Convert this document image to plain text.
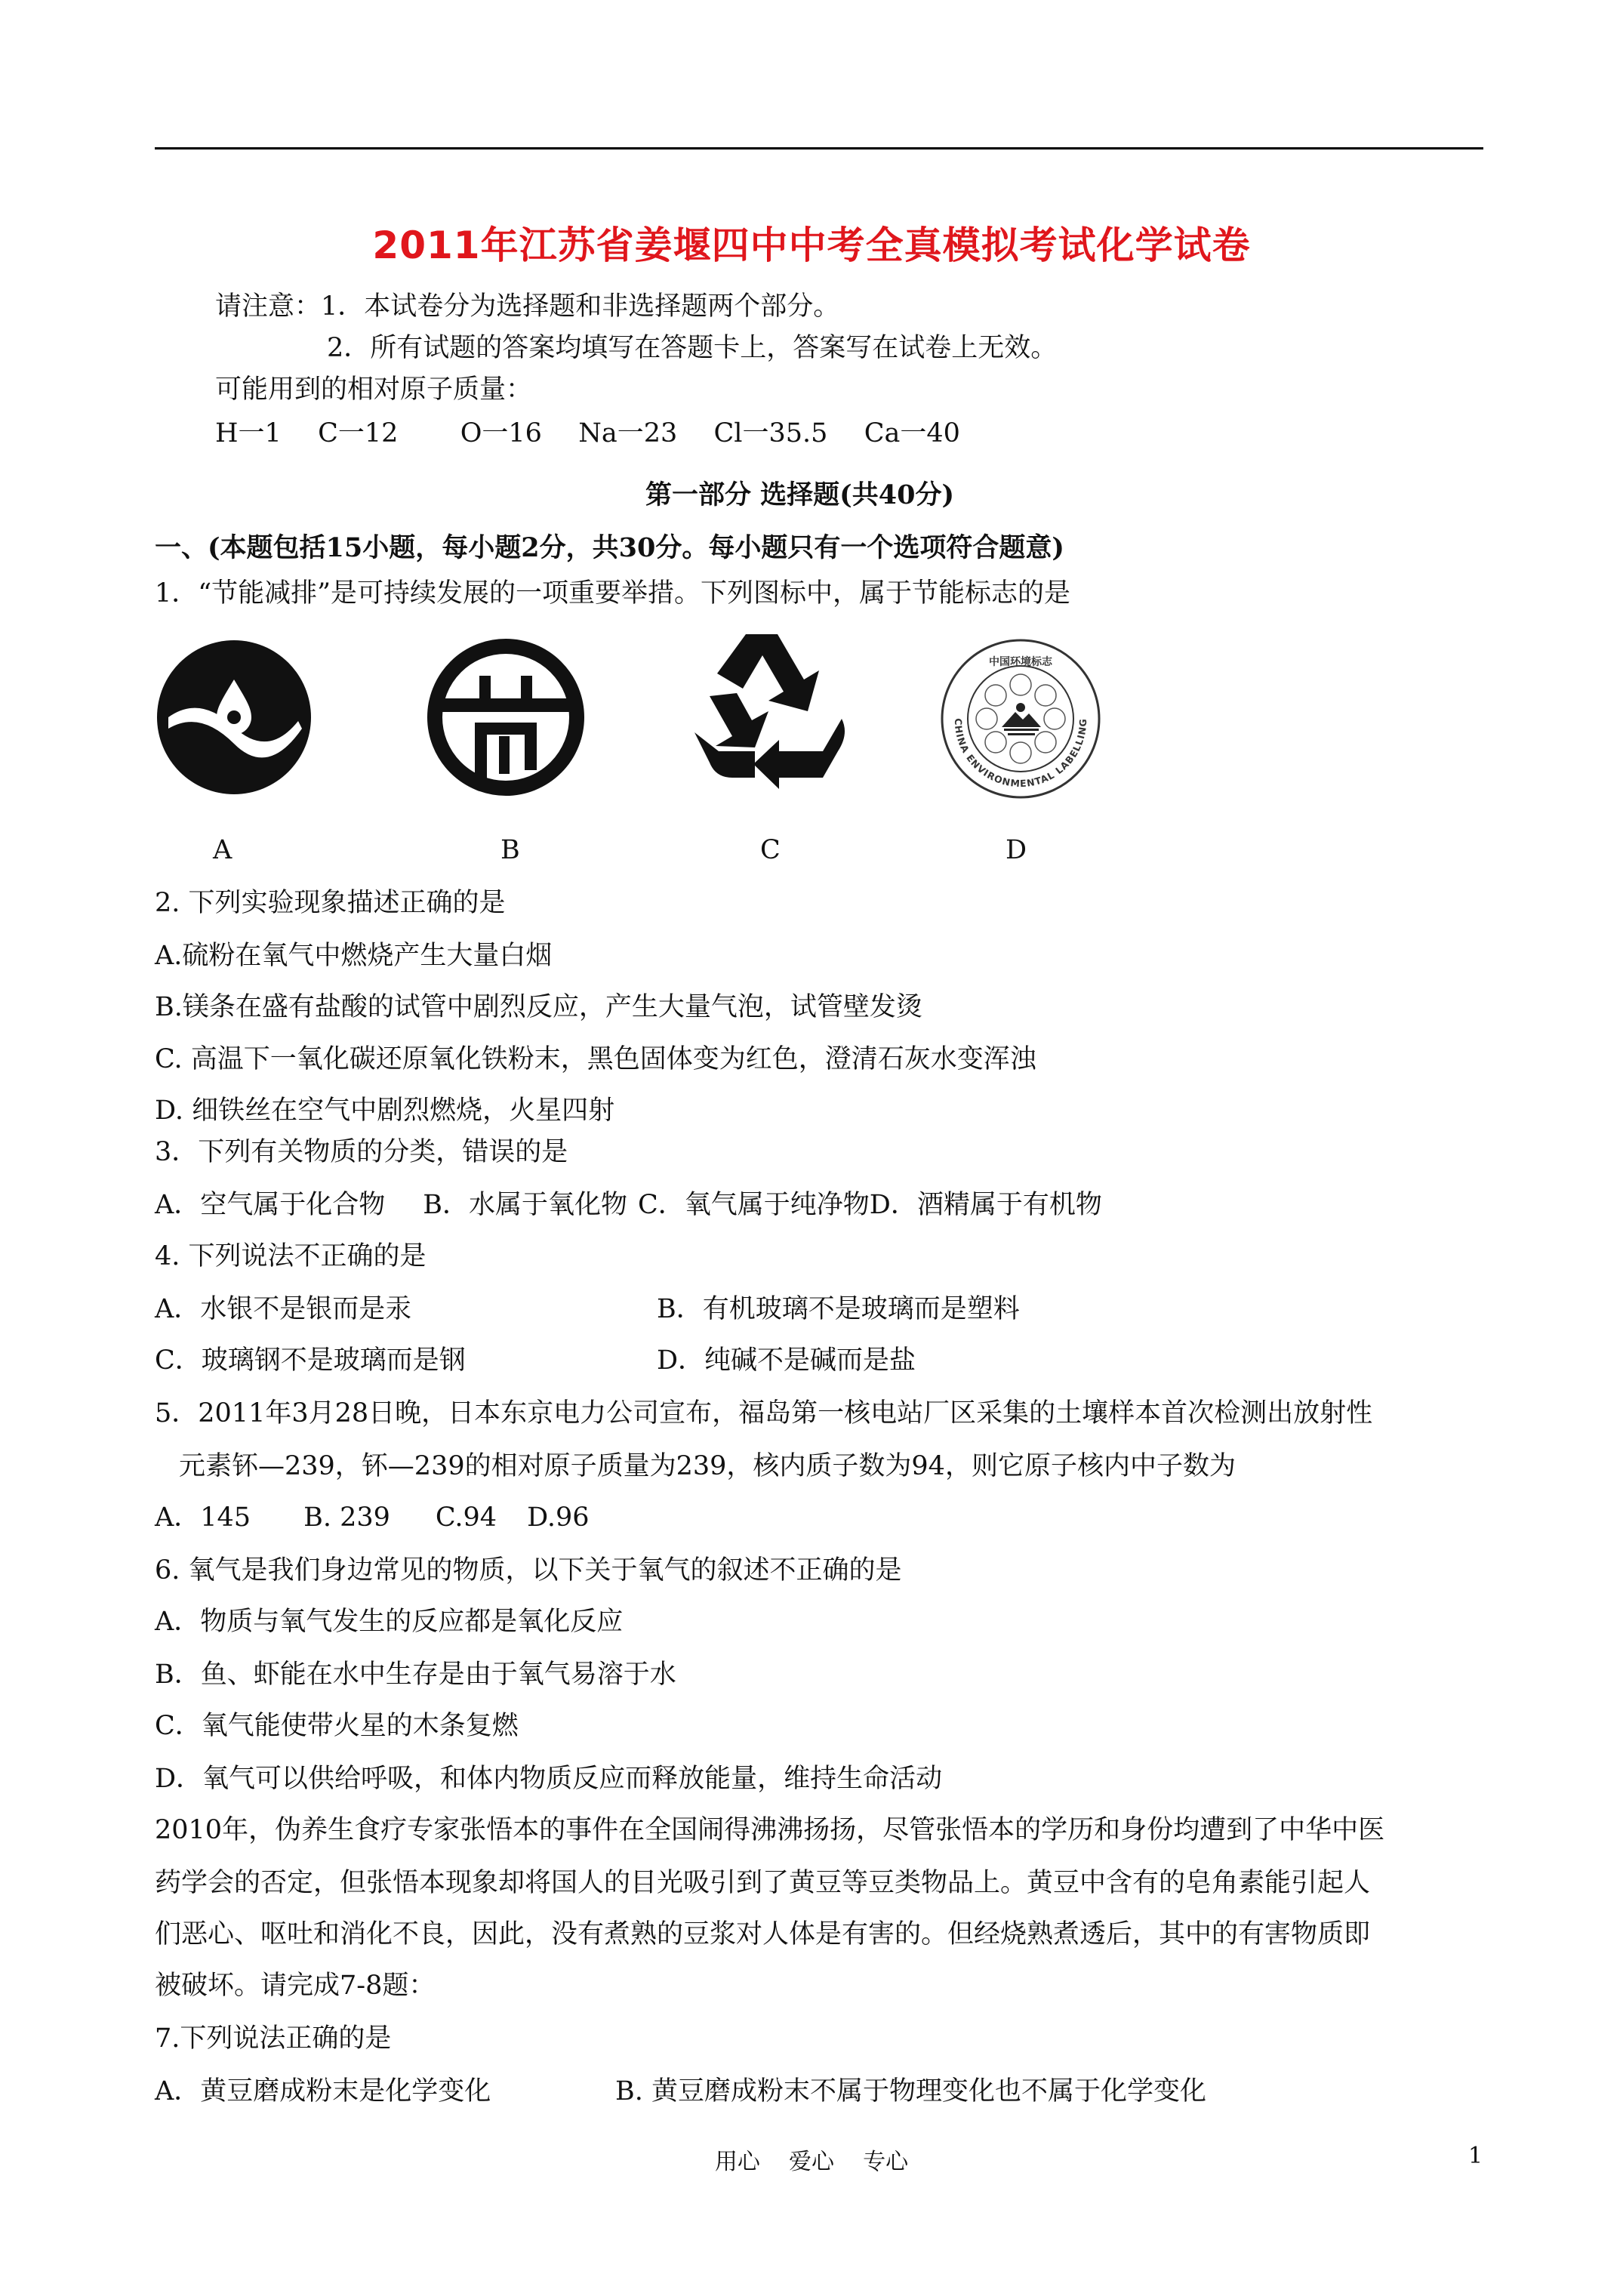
2011年江苏省姜堰四中中考全真模拟考试化学试卷
请注意：1．本试卷分为选择题和非选择题两个部分。
2．所有试题的答案均填写在答题卡上，答案写在试卷上无效。
可能用到的相对原子质量：
H一1 C一12 O一16 Na一23 Cl一35.5 Ca一40
第一部分 选择题(共40分)
一、(本题包括15小题，每小题2分，共30分。每小题只有一个选项符合题意)
1．“节能减排”是可持续发展的一项重要举措。下列图标中，属于节能标志的是
中国环境标志
CHINA ENVIRONMENTAL LABELLING
A	B	C	D
2. 下列实验现象描述正确的是
A.硫粉在氧气中燃烧产生大量白烟
B.镁条在盛有盐酸的试管中剧烈反应，产生大量气泡，试管壁发烫
C. 高温下一氧化碳还原氧化铁粉末，黑色固体变为红色，澄清石灰水变浑浊
D. 细铁丝在空气中剧烈燃烧，火星四射
3．下列有关物质的分类，错误的是
A．空气属于化合物 B．水属于氧化物 C．氧气属于纯净物D．酒精属于有机物
4. 下列说法不正确的是
A．水银不是银而是汞	B．有机玻璃不是玻璃而是塑料
C．玻璃钢不是玻璃而是钢	D．纯碱不是碱而是盐
5．2011年3月28日晚，日本东京电力公司宣布，福岛第一核电站厂区采集的土壤样本首次检测出放射性
元素钚—239，钚—239的相对原子质量为239，核内质子数为94，则它原子核内中子数为
A．145 B. 239 C.94 D.96
6. 氧气是我们身边常见的物质，以下关于氧气的叙述不正确的是
A．物质与氧气发生的反应都是氧化反应
B．鱼、虾能在水中生存是由于氧气易溶于水
C．氧气能使带火星的木条复燃
D．氧气可以供给呼吸，和体内物质反应而释放能量，维持生命活动
2010年，伪养生食疗专家张悟本的事件在全国闹得沸沸扬扬，尽管张悟本的学历和身份均遭到了中华中医
药学会的否定，但张悟本现象却将国人的目光吸引到了黄豆等豆类物品上。黄豆中含有的皂角素能引起人
们恶心、呕吐和消化不良，因此，没有煮熟的豆浆对人体是有害的。但经烧熟煮透后，其中的有害物质即
被破坏。请完成7-8题：
7.下列说法正确的是
A．黄豆磨成粉末是化学变化	B. 黄豆磨成粉末不属于物理变化也不属于化学变化
用心    爱心    专心	1
